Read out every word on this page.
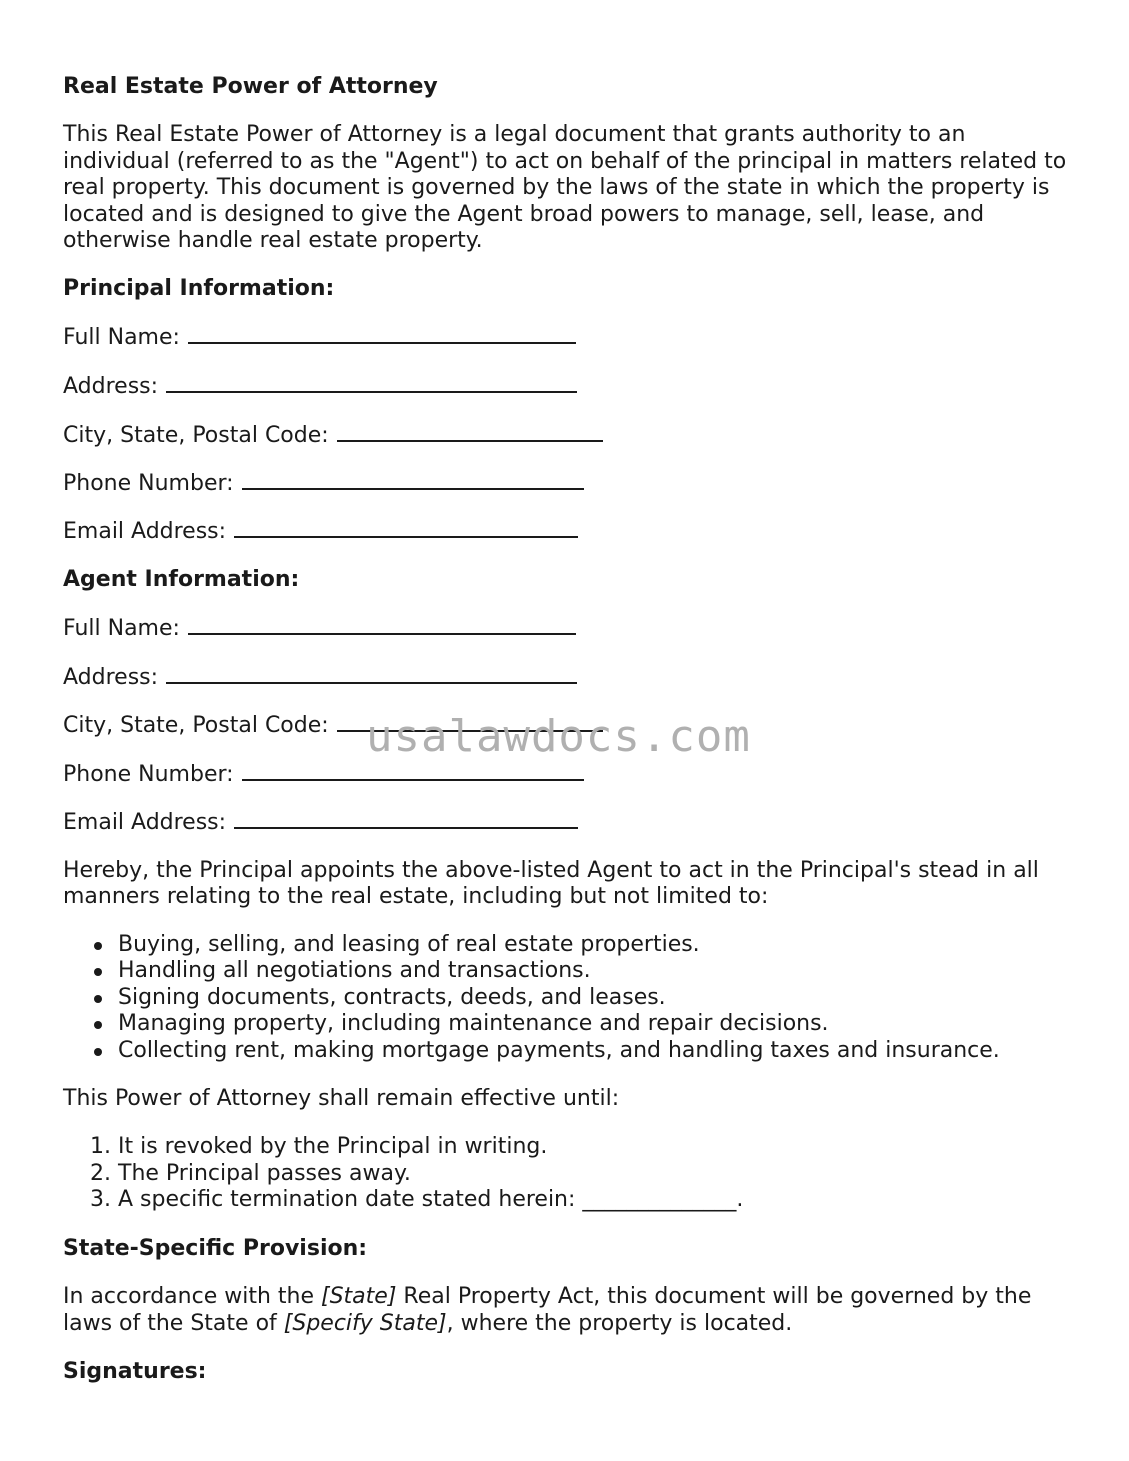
Real Estate Power of Attorney
This Real Estate Power of Attorney is a legal document that grants authority to an
individual (referred to as the "Agent") to act on behalf of the principal in matters related to
real property. This document is governed by the laws of the state in which the property is
located and is designed to give the Agent broad powers to manage, sell, lease, and
otherwise handle real estate property.
Principal Information:
Full Name:
Address:
City, State, Postal Code:
Phone Number:
Email Address:
Agent Information:
Full Name:
Address:
City, State, Postal Code:
Phone Number:
Email Address:
Hereby, the Principal appoints the above-listed Agent to act in the Principal's stead in all
manners relating to the real estate, including but not limited to:
Buying, selling, and leasing of real estate properties.
Handling all negotiations and transactions.
Signing documents, contracts, deeds, and leases.
Managing property, including maintenance and repair decisions.
Collecting rent, making mortgage payments, and handling taxes and insurance.
This Power of Attorney shall remain effective until:
1. It is revoked by the Principal in writing.
2. The Principal passes away.
3. A specific termination date stated herein: ______________.
State-Specific Provision:
In accordance with the [State] Real Property Act, this document will be governed by the
laws of the State of [Specify State], where the property is located.
Signatures:
usalawdocs.com
